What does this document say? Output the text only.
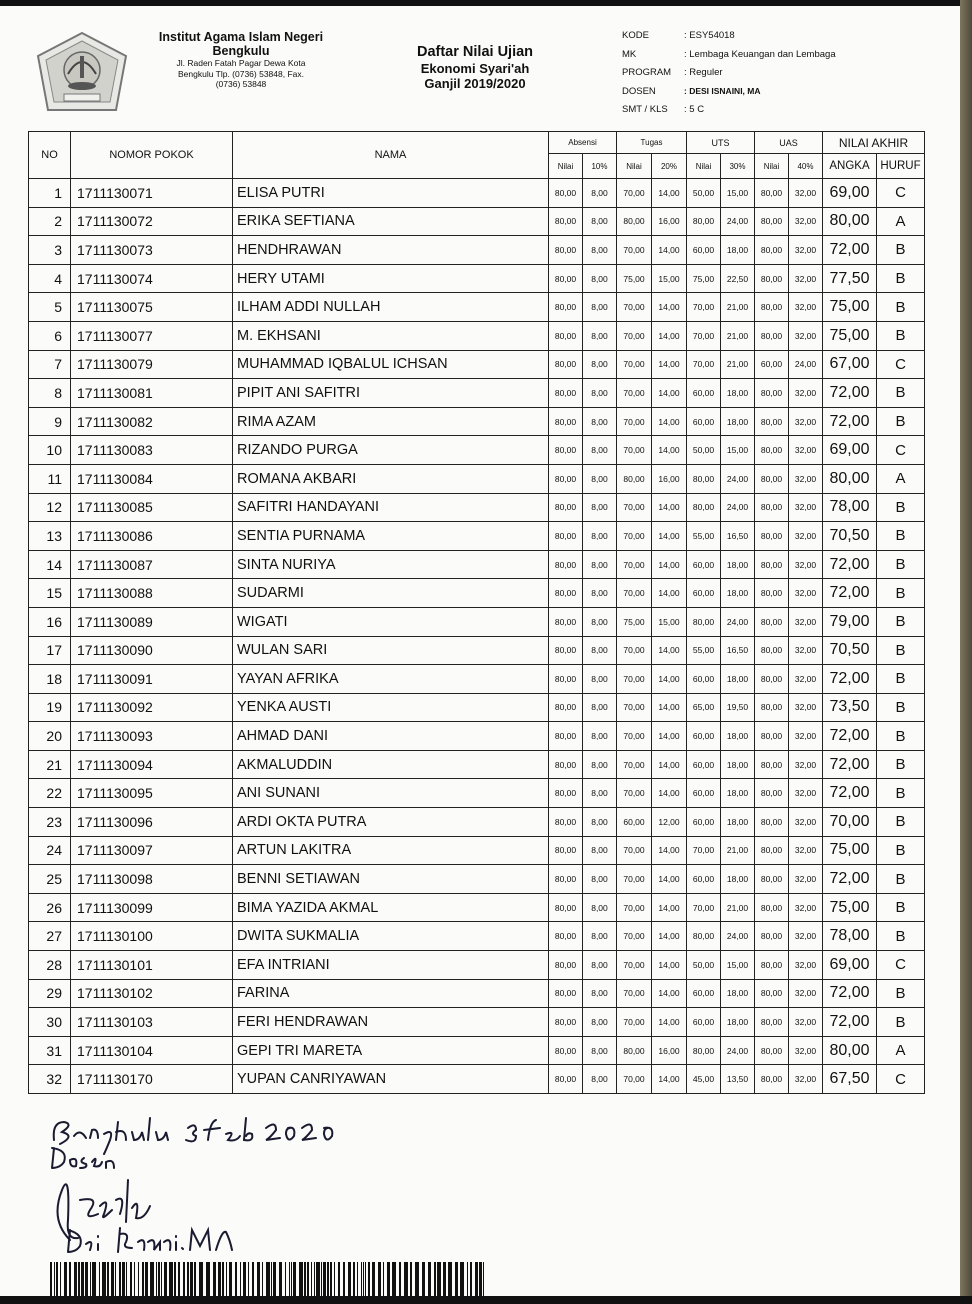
Institut Agama Islam Negeri
Bengkulu
Jl. Raden Fatah Pagar Dewa Kota
Bengkulu Tlp. (0736) 53848, Fax.
(0736) 53848
Daftar Nilai Ujian
Ekonomi Syari'ah
Ganjil 2019/2020
KODE	: ESY54018
MK	: Lembaga Keuangan dan Lembaga
PROGRAM	: Reguler
DOSEN	: DESI ISNAINI, MA
SMT / KLS	: 5 C
NO	NOMOR POKOK	NAMA	Absensi		Tugas		UTS		UAS		NILAI AKHIR	
			Nilai	10%	Nilai	20%	Nilai	30%	Nilai	40%	ANGKA	HURUF
1	1711130071	ELISA PUTRI	80,00	8,00	70,00	14,00	50,00	15,00	80,00	32,00	69,00	C
2	1711130072	ERIKA SEFTIANA	80,00	8,00	80,00	16,00	80,00	24,00	80,00	32,00	80,00	A
3	1711130073	HENDHRAWAN	80,00	8,00	70,00	14,00	60,00	18,00	80,00	32,00	72,00	B
4	1711130074	HERY UTAMI	80,00	8,00	75,00	15,00	75,00	22,50	80,00	32,00	77,50	B
5	1711130075	ILHAM ADDI NULLAH	80,00	8,00	70,00	14,00	70,00	21,00	80,00	32,00	75,00	B
6	1711130077	M. EKHSANI	80,00	8,00	70,00	14,00	70,00	21,00	80,00	32,00	75,00	B
7	1711130079	MUHAMMAD IQBALUL ICHSAN	80,00	8,00	70,00	14,00	70,00	21,00	60,00	24,00	67,00	C
8	1711130081	PIPIT ANI SAFITRI	80,00	8,00	70,00	14,00	60,00	18,00	80,00	32,00	72,00	B
9	1711130082	RIMA AZAM	80,00	8,00	70,00	14,00	60,00	18,00	80,00	32,00	72,00	B
10	1711130083	RIZANDO PURGA	80,00	8,00	70,00	14,00	50,00	15,00	80,00	32,00	69,00	C
11	1711130084	ROMANA AKBARI	80,00	8,00	80,00	16,00	80,00	24,00	80,00	32,00	80,00	A
12	1711130085	SAFITRI HANDAYANI	80,00	8,00	70,00	14,00	80,00	24,00	80,00	32,00	78,00	B
13	1711130086	SENTIA PURNAMA	80,00	8,00	70,00	14,00	55,00	16,50	80,00	32,00	70,50	B
14	1711130087	SINTA NURIYA	80,00	8,00	70,00	14,00	60,00	18,00	80,00	32,00	72,00	B
15	1711130088	SUDARMI	80,00	8,00	70,00	14,00	60,00	18,00	80,00	32,00	72,00	B
16	1711130089	WIGATI	80,00	8,00	75,00	15,00	80,00	24,00	80,00	32,00	79,00	B
17	1711130090	WULAN SARI	80,00	8,00	70,00	14,00	55,00	16,50	80,00	32,00	70,50	B
18	1711130091	YAYAN AFRIKA	80,00	8,00	70,00	14,00	60,00	18,00	80,00	32,00	72,00	B
19	1711130092	YENKA AUSTI	80,00	8,00	70,00	14,00	65,00	19,50	80,00	32,00	73,50	B
20	1711130093	AHMAD DANI	80,00	8,00	70,00	14,00	60,00	18,00	80,00	32,00	72,00	B
21	1711130094	AKMALUDDIN	80,00	8,00	70,00	14,00	60,00	18,00	80,00	32,00	72,00	B
22	1711130095	ANI SUNANI	80,00	8,00	70,00	14,00	60,00	18,00	80,00	32,00	72,00	B
23	1711130096	ARDI OKTA PUTRA	80,00	8,00	60,00	12,00	60,00	18,00	80,00	32,00	70,00	B
24	1711130097	ARTUN LAKITRA	80,00	8,00	70,00	14,00	70,00	21,00	80,00	32,00	75,00	B
25	1711130098	BENNI SETIAWAN	80,00	8,00	70,00	14,00	60,00	18,00	80,00	32,00	72,00	B
26	1711130099	BIMA YAZIDA AKMAL	80,00	8,00	70,00	14,00	70,00	21,00	80,00	32,00	75,00	B
27	1711130100	DWITA SUKMALIA	80,00	8,00	70,00	14,00	80,00	24,00	80,00	32,00	78,00	B
28	1711130101	EFA INTRIANI	80,00	8,00	70,00	14,00	50,00	15,00	80,00	32,00	69,00	C
29	1711130102	FARINA	80,00	8,00	70,00	14,00	60,00	18,00	80,00	32,00	72,00	B
30	1711130103	FERI HENDRAWAN	80,00	8,00	70,00	14,00	60,00	18,00	80,00	32,00	72,00	B
31	1711130104	GEPI TRI MARETA	80,00	8,00	80,00	16,00	80,00	24,00	80,00	32,00	80,00	A
32	1711130170	YUPAN CANRIYAWAN	80,00	8,00	70,00	14,00	45,00	13,50	80,00	32,00	67,50	C
